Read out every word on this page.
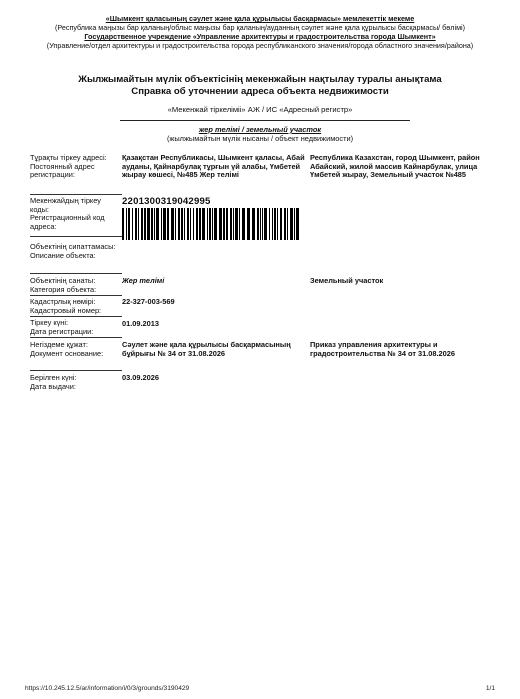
«Шымкент қаласының сәулет және қала құрылысы басқармасы» мемлекеттік мекеме
(Республика маңызы бар қаланың/облыс маңызы бар қаланың/ауданның сәулет және қала құрылысы басқармасы/ бөлімі)
Государственное учреждение «Управление архитектуры и градостроительства города Шымкент»
(Управление/отдел архитектуры и градостроительства города республиканского значения/города областного значения/района)
Жылжымайтын мүлік объектісінің мекенжайын нақтылау туралы анықтама
Справка об уточнении адреса объекта недвижимости
«Мекенжай тіркеліміі» АЖ / ИС «Адресный регистр»
жер телімі / земельный участок
(жылжымайтын мүлік нысаны / объект недвижимости)
Тұрақты тіркеу адресі:
Постоянный адрес регистрации:
Қазақстан Республикасы, Шымкент қаласы, Абай ауданы, Қайнарбулақ тұрғын үй алабы, Үмбетей жырау көшесі, №485 Жер телімі
Республика Казахстан, город Шымкент, район Абайский, жилой массив Кайнарбулак, улица Үмбетей жырау, Земельный участок №485
Мекенжайдың тіркеу коды:
Регистрационный код адреса:
2201300319042995
Объектінің сипаттамасы:
Описание объекта:
Объектінің санаты:
Категория объекта:
Жер телімі	Земельный участок
Кадастрлық нөмірі:
Кадастровый номер:
22-327-003-569
Тіркеу күні:
Дата регистрации:
01.09.2013
Негіздеме құжат:
Документ основание:
Сәулет және қала құрылысы басқармасының бұйрығы № 34 от 31.08.2026
Приказ управления архитектуры и градостроительства № 34 от 31.08.2026
Берілген күні:
Дата выдачи:
03.09.2026
https://10.245.12.5/ar/information/i/0/3/grounds/3190429	1/1
